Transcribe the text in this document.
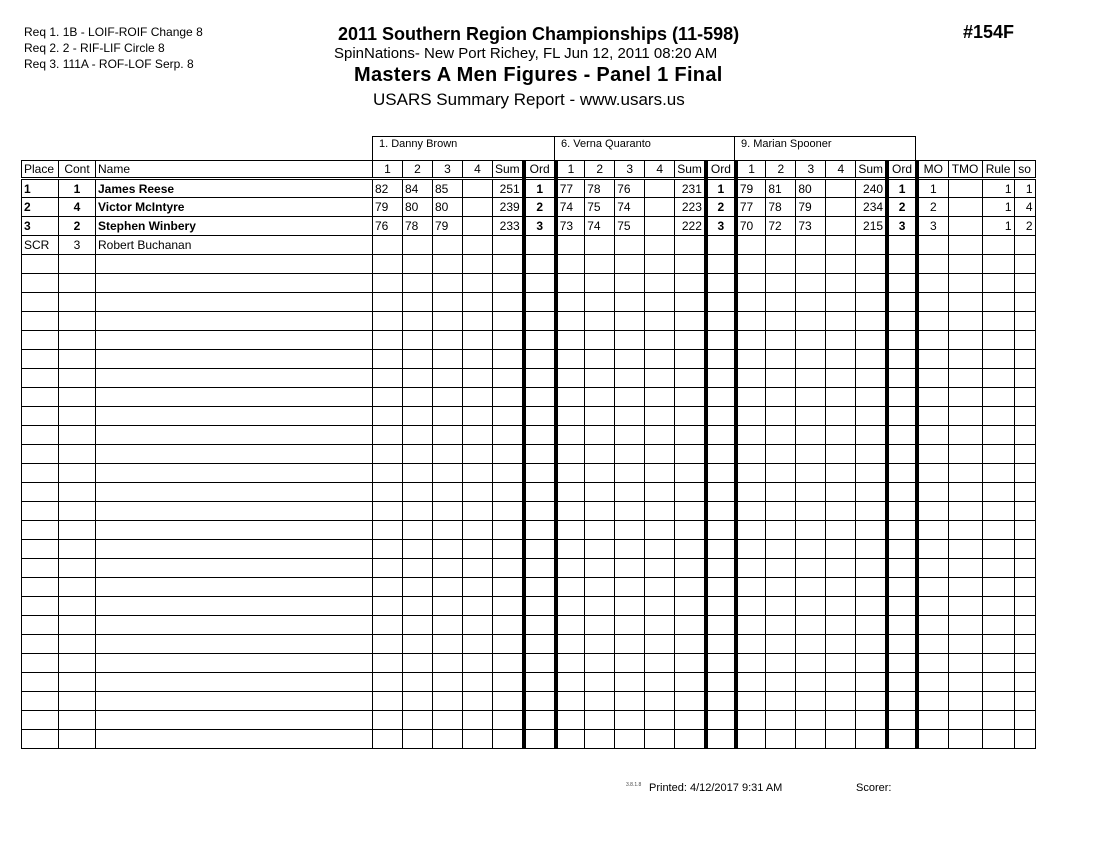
Req 1. 1B - LOIF-ROIF Change 8
Req 2. 2 - RIF-LIF Circle 8
Req 3. 111A - ROF-LOF Serp. 8
2011 Southern Region Championships (11-598)
SpinNations- New Port Richey, FL Jun 12, 2011 08:20 AM
Masters A Men Figures - Panel 1 Final
USARS Summary Report - www.usars.us
#154F
1. Danny Brown	6. Verna Quaranto	9. Marian Spooner
Place	Cont	Name	1	2	3	4	Sum	Ord	1	2	3	4	Sum	Ord	1	2	3	4	Sum	Ord	MO	TMO	Rule	so
1	1	James Reese	82	84	85		251	1	77	78	76		231	1	79	81	80		240	1	1		1	1
2	4	Victor McIntyre	79	80	80		239	2	74	75	74		223	2	77	78	79		234	2	2		1	4
3	2	Stephen Winbery	76	78	79		233	3	73	74	75		222	3	70	72	73		215	3	3		1	2
SCR	3	Robert Buchanan																						

3.8.1.8 Printed: 4/12/2017 9:31 AM	Scorer:
